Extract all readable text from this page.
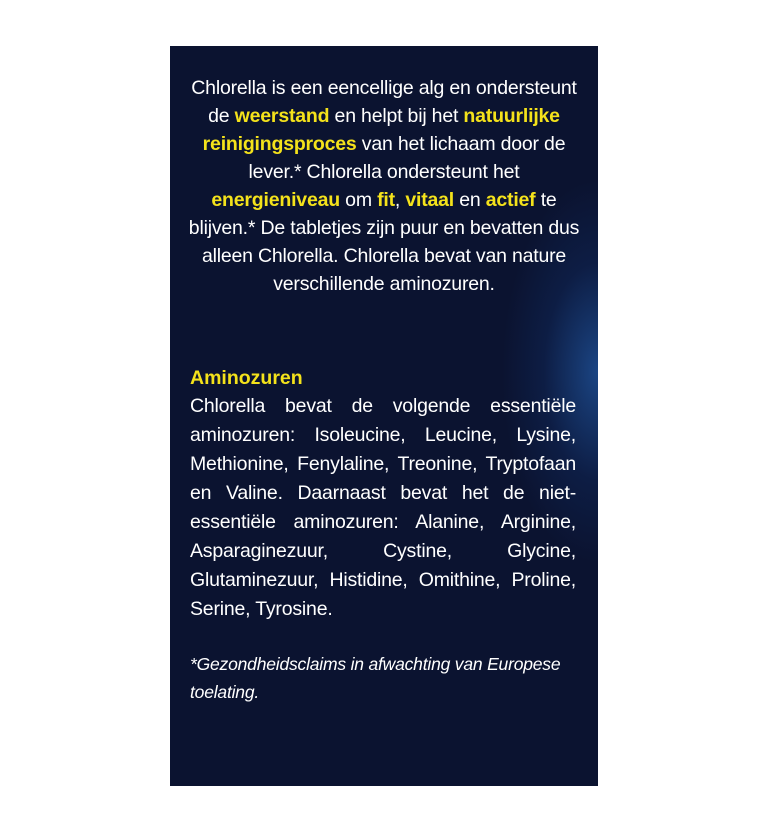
Chlorella is een eencellige alg en ondersteunt de weerstand en helpt bij het natuurlijke reinigingsproces van het lichaam door de lever.* Chlorella ondersteunt het energieniveau om fit, vitaal en actief te blijven.* De tabletjes zijn puur en bevatten dus alleen Chlorella. Chlorella bevat van nature verschillende aminozuren.
Aminozuren
Chlorella bevat de volgende essentiële aminozuren: Isoleucine, Leucine, Lysine, Methionine, Fenylaline, Treonine, Tryptofaan en Valine. Daarnaast bevat het de niet-essentiële aminozuren: Alanine, Arginine, Asparaginezuur, Cystine, Glycine, Glutaminezuur, Histidine, Omithine, Proline, Serine, Tyrosine.
*Gezondheidsclaims in afwachting van Europese toelating.
